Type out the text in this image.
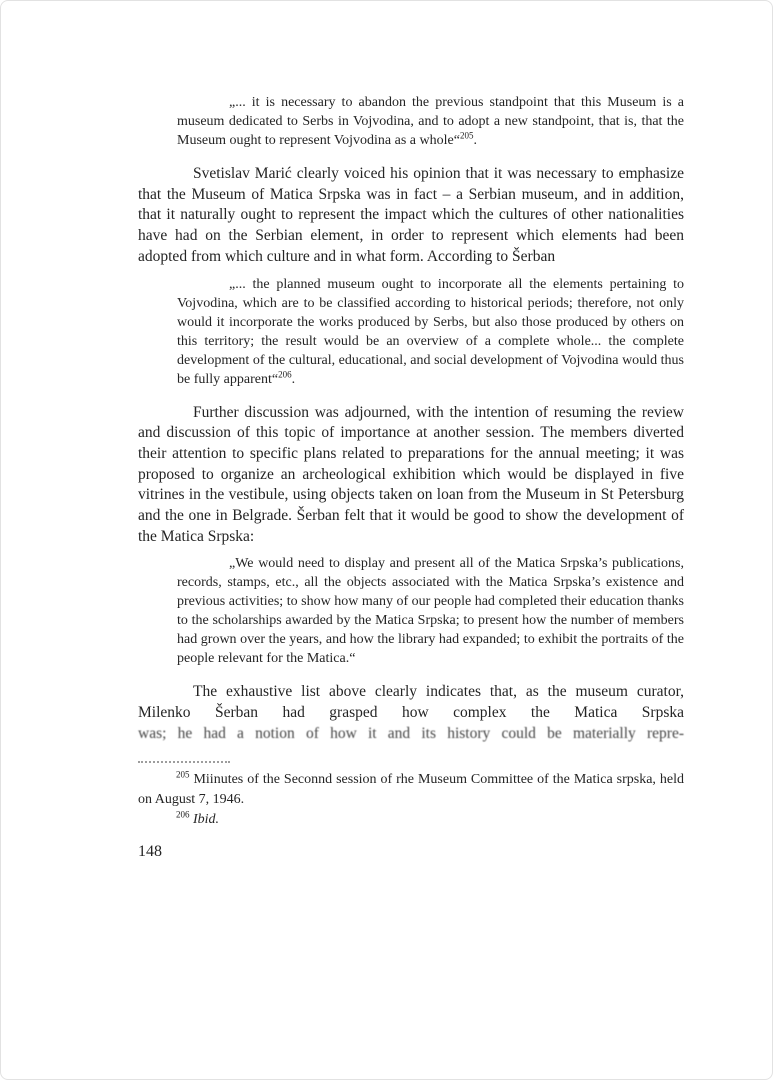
„... it is necessary to abandon the previous standpoint that this Museum is a museum dedicated to Serbs in Vojvodina, and to adopt a new standpoint, that is, that the Museum ought to represent Vojvodina as a whole“$^{205}$.

Svetislav Marić clearly voiced his opinion that it was necessary to emphasize that the Museum of Matica Srpska was in fact – a Serbian museum, and in addition, that it naturally ought to represent the impact which the cultures of other nationalities have had on the Serbian element, in order to represent which elements had been adopted from which culture and in what form. According to Šerban

„... the planned museum ought to incorporate all the elements pertaining to Vojvodina, which are to be classified according to historical periods; therefore, not only would it incorporate the works produced by Serbs, but also those produced by others on this territory; the result would be an overview of a complete whole... the complete development of the cultural, educational, and social development of Vojvodina would thus be fully apparent“$^{206}$.

Further discussion was adjourned, with the intention of resuming the review and discussion of this topic of importance at another session. The members diverted their attention to specific plans related to preparations for the annual meeting; it was proposed to organize an archeological exhibition which would be displayed in five vitrines in the vestibule, using objects taken on loan from the Museum in St Petersburg and the one in Belgrade. Šerban felt that it would be good to show the development of the Matica Srpska:

„We would need to display and present all of the Matica Srpska’s publications, records, stamps, etc., all the objects associated with the Matica Srpska’s existence and previous activities; to show how many of our people had completed their education thanks to the scholarships awarded by the Matica Srpska; to present how the number of members had grown over the years, and how the library had expanded; to exhibit the portraits of the people relevant for the Matica.“

The exhaustive list above clearly indicates that, as the museum curator, Milenko Šerban had grasped how complex the Matica Srpska

was; he had a notion of how it and its history could be materially repre-

$^{205}$ Miinutes of the Seconnd session of rhe Museum Committee of the Matica srpska, held on August 7, 1946.

$^{206}$ Ibid.

148
